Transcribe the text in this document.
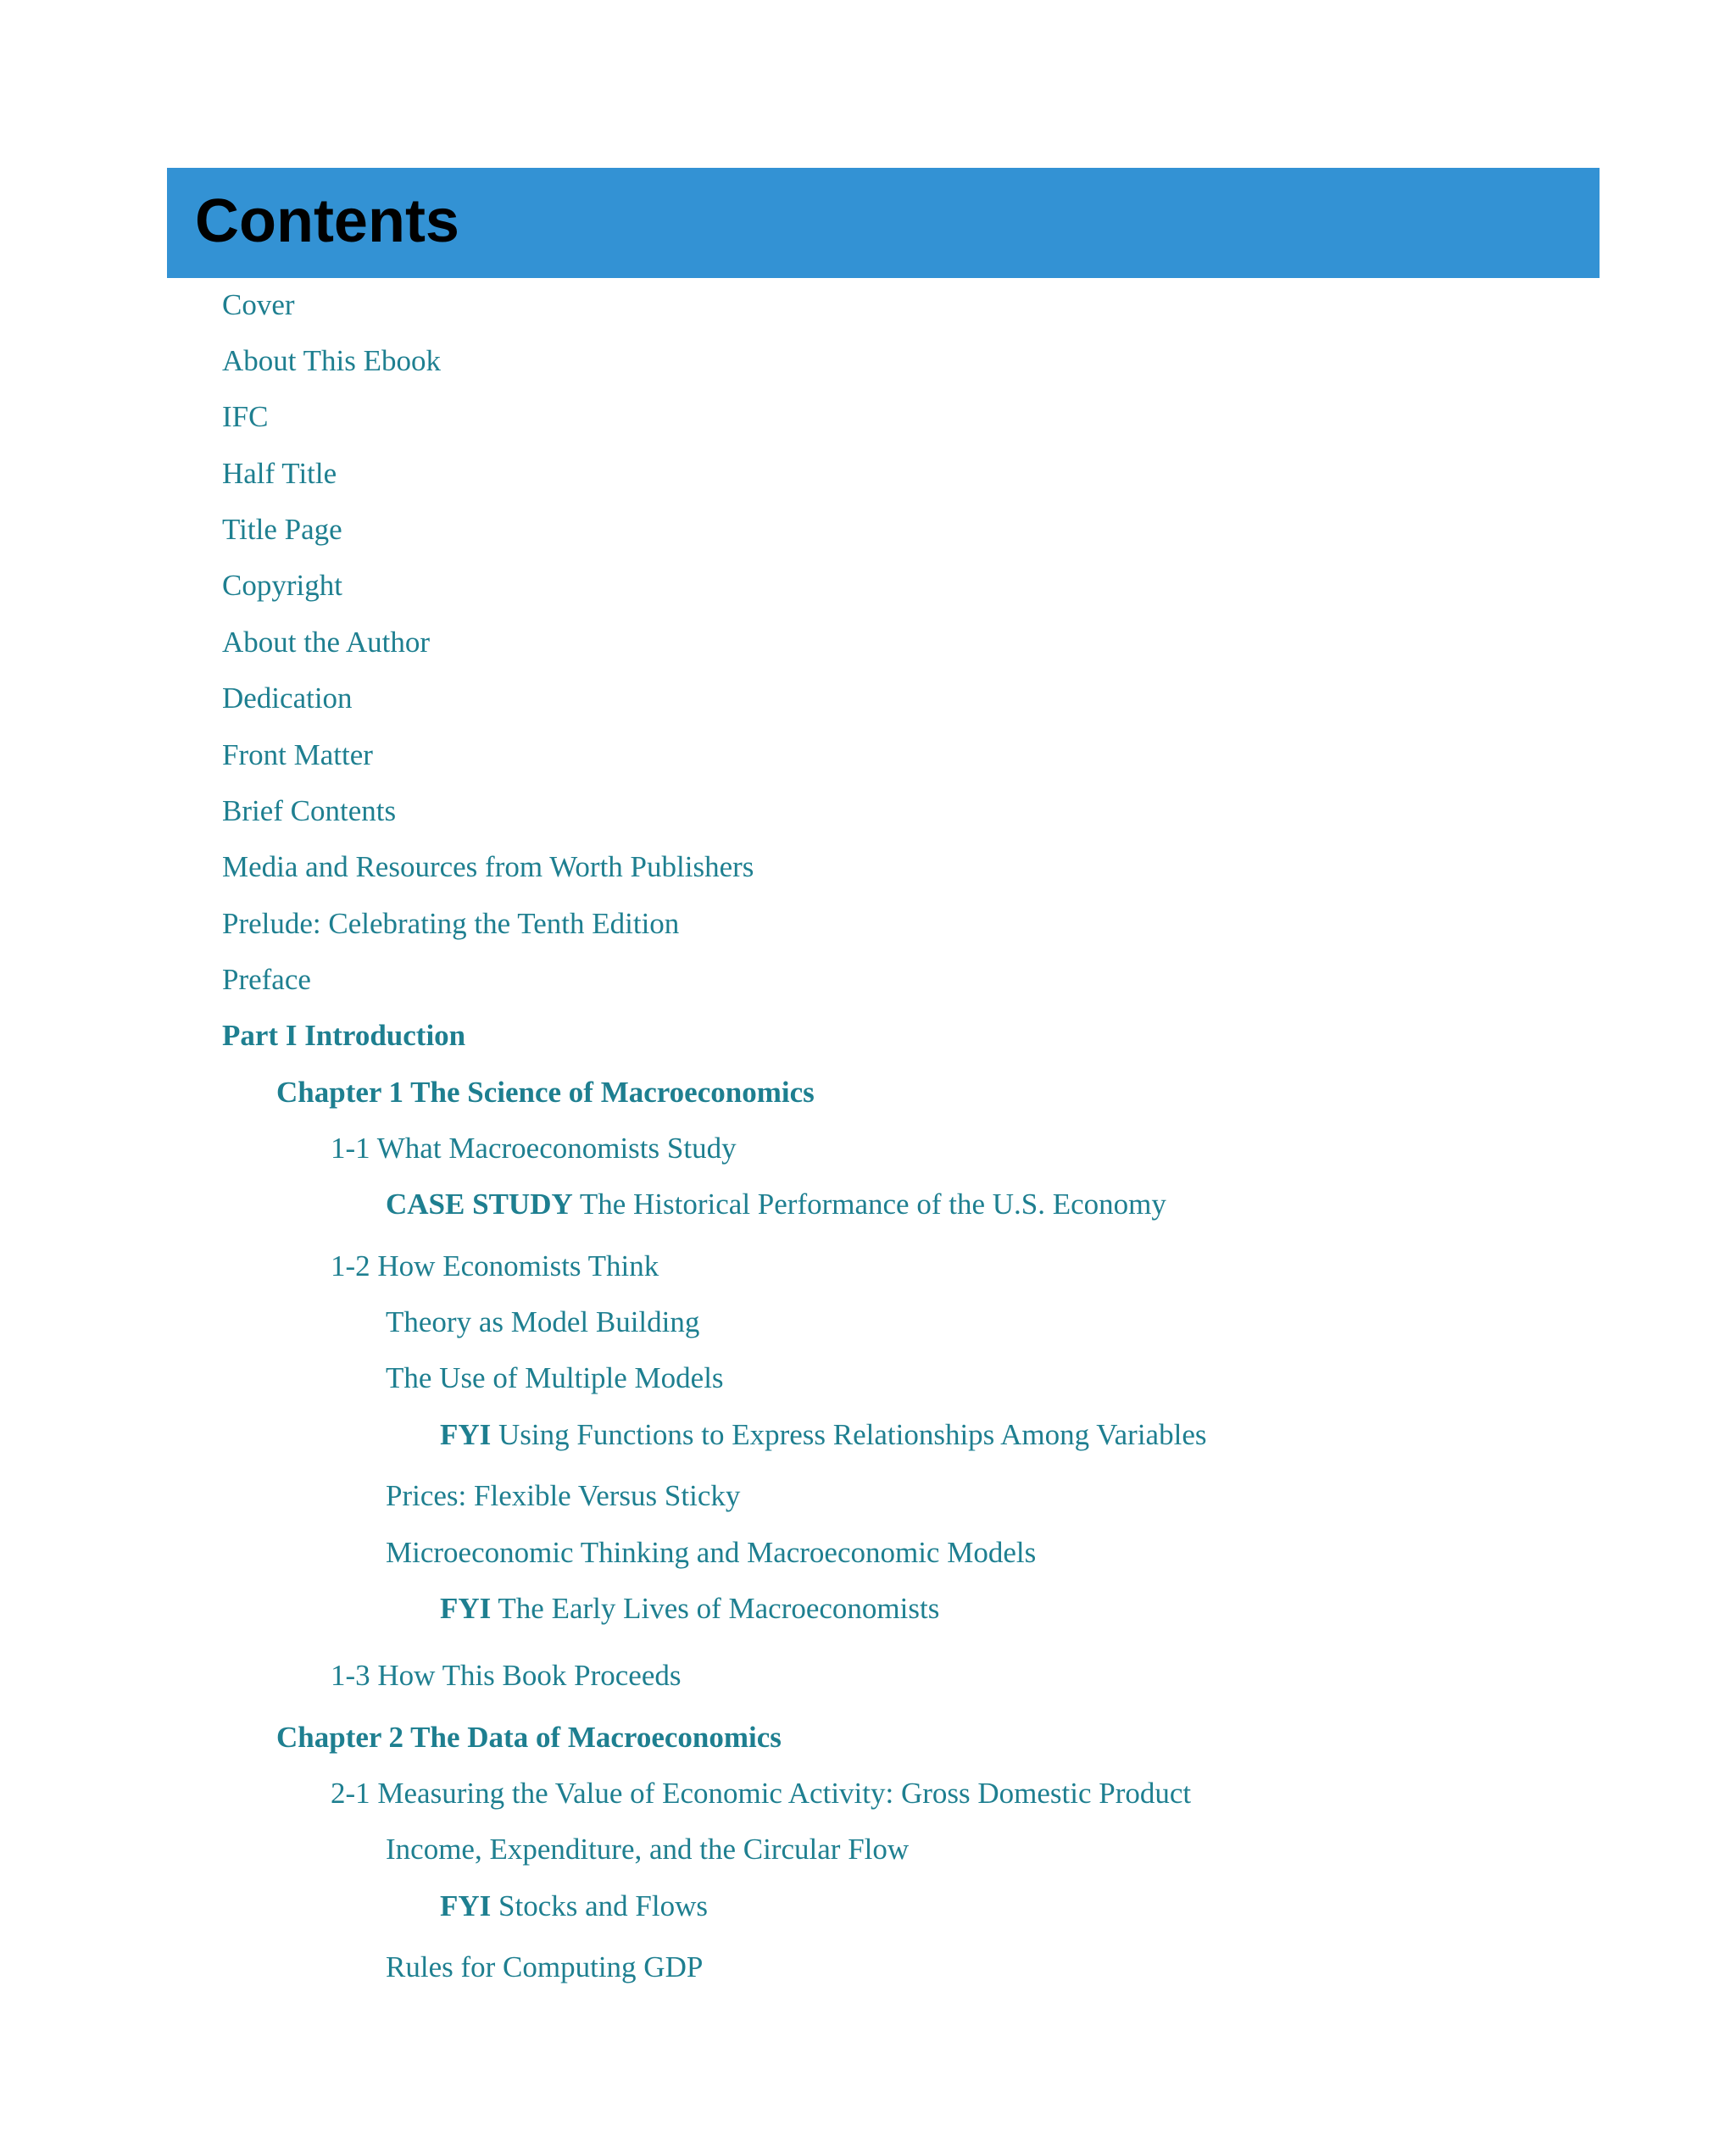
Contents
Cover
About This Ebook
IFC
Half Title
Title Page
Copyright
About the Author
Dedication
Front Matter
Brief Contents
Media and Resources from Worth Publishers
Prelude: Celebrating the Tenth Edition
Preface
Part I Introduction
Chapter 1 The Science of Macroeconomics
1-1 What Macroeconomists Study
CASE STUDY The Historical Performance of the U.S. Economy
1-2 How Economists Think
Theory as Model Building
The Use of Multiple Models
FYI Using Functions to Express Relationships Among Variables
Prices: Flexible Versus Sticky
Microeconomic Thinking and Macroeconomic Models
FYI The Early Lives of Macroeconomists
1-3 How This Book Proceeds
Chapter 2 The Data of Macroeconomics
2-1 Measuring the Value of Economic Activity: Gross Domestic Product
Income, Expenditure, and the Circular Flow
FYI Stocks and Flows
Rules for Computing GDP
